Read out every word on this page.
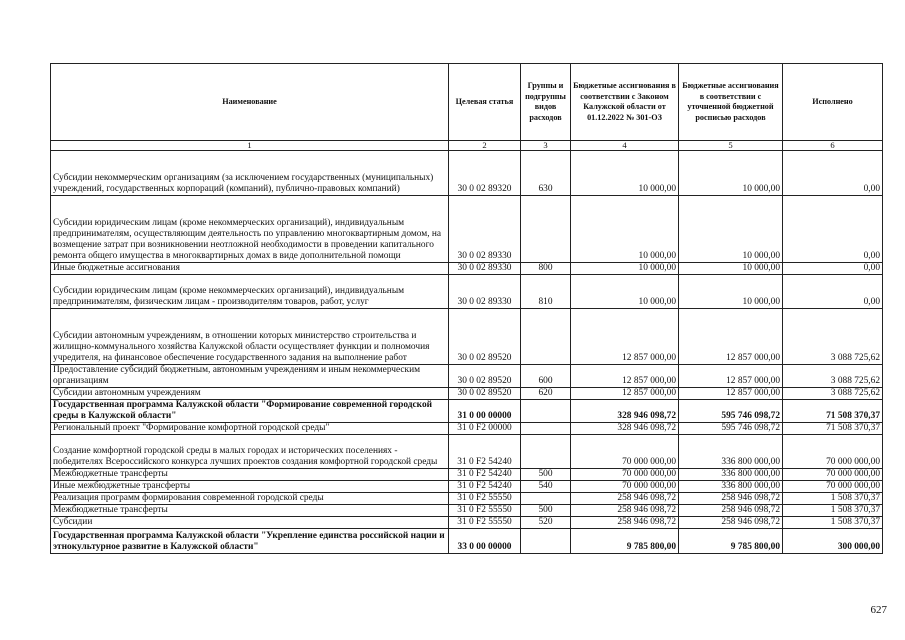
Наименование	Целевая статья	Группы и подгруппы видов расходов	Бюджетные ассигнования в соответствии с Законом Калужской области от 01.12.2022 № 301-ОЗ	Бюджетные ассигнования в соответствии с уточненной бюджетной росписью расходов	Исполнено
1	2	3	4	5	6
Субсидии некоммерческим организациям (за исключением государственных (муниципальных) учреждений, государственных корпораций (компаний), публично-правовых компаний)	30 0 02 89320	630	10 000,00	10 000,00	0,00
Субсидии юридическим лицам (кроме некоммерческих организаций), индивидуальным предпринимателям, осуществляющим деятельность по управлению многоквартирным домом, на возмещение затрат при возникновении неотложной необходимости в проведении капитального ремонта общего имущества в многоквартирных домах в виде дополнительной помощи	30 0 02 89330		10 000,00	10 000,00	0,00
Иные бюджетные ассигнования	30 0 02 89330	800	10 000,00	10 000,00	0,00
Субсидии юридическим лицам (кроме некоммерческих организаций), индивидуальным предпринимателям, физическим лицам - производителям товаров, работ, услуг	30 0 02 89330	810	10 000,00	10 000,00	0,00
Субсидии автономным учреждениям, в отношении которых министерство строительства и жилищно-коммунального хозяйства Калужской области осуществляет функции и полномочия учредителя, на финансовое обеспечение государственного задания на выполнение работ	30 0 02 89520		12 857 000,00	12 857 000,00	3 088 725,62
Предоставление субсидий бюджетным, автономным учреждениям и иным некоммерческим организациям	30 0 02 89520	600	12 857 000,00	12 857 000,00	3 088 725,62
Субсидии автономным учреждениям	30 0 02 89520	620	12 857 000,00	12 857 000,00	3 088 725,62
Государственная программа Калужской области "Формирование современной городской среды в Калужской области"	31 0 00 00000		328 946 098,72	595 746 098,72	71 508 370,37
Региональный проект "Формирование комфортной городской среды"	31 0 F2 00000		328 946 098,72	595 746 098,72	71 508 370,37
Создание комфортной городской среды в малых городах и исторических поселениях - победителях Всероссийского конкурса лучших проектов создания комфортной городской среды	31 0 F2 54240		70 000 000,00	336 800 000,00	70 000 000,00
Межбюджетные трансферты	31 0 F2 54240	500	70 000 000,00	336 800 000,00	70 000 000,00
Иные межбюджетные трансферты	31 0 F2 54240	540	70 000 000,00	336 800 000,00	70 000 000,00
Реализация программ формирования современной городской среды	31 0 F2 55550		258 946 098,72	258 946 098,72	1 508 370,37
Межбюджетные трансферты	31 0 F2 55550	500	258 946 098,72	258 946 098,72	1 508 370,37
Субсидии	31 0 F2 55550	520	258 946 098,72	258 946 098,72	1 508 370,37
Государственная программа Калужской области "Укрепление единства российской нации и этнокультурное развитие в Калужской области"	33 0 00 00000		9 785 800,00	9 785 800,00	300 000,00
627
